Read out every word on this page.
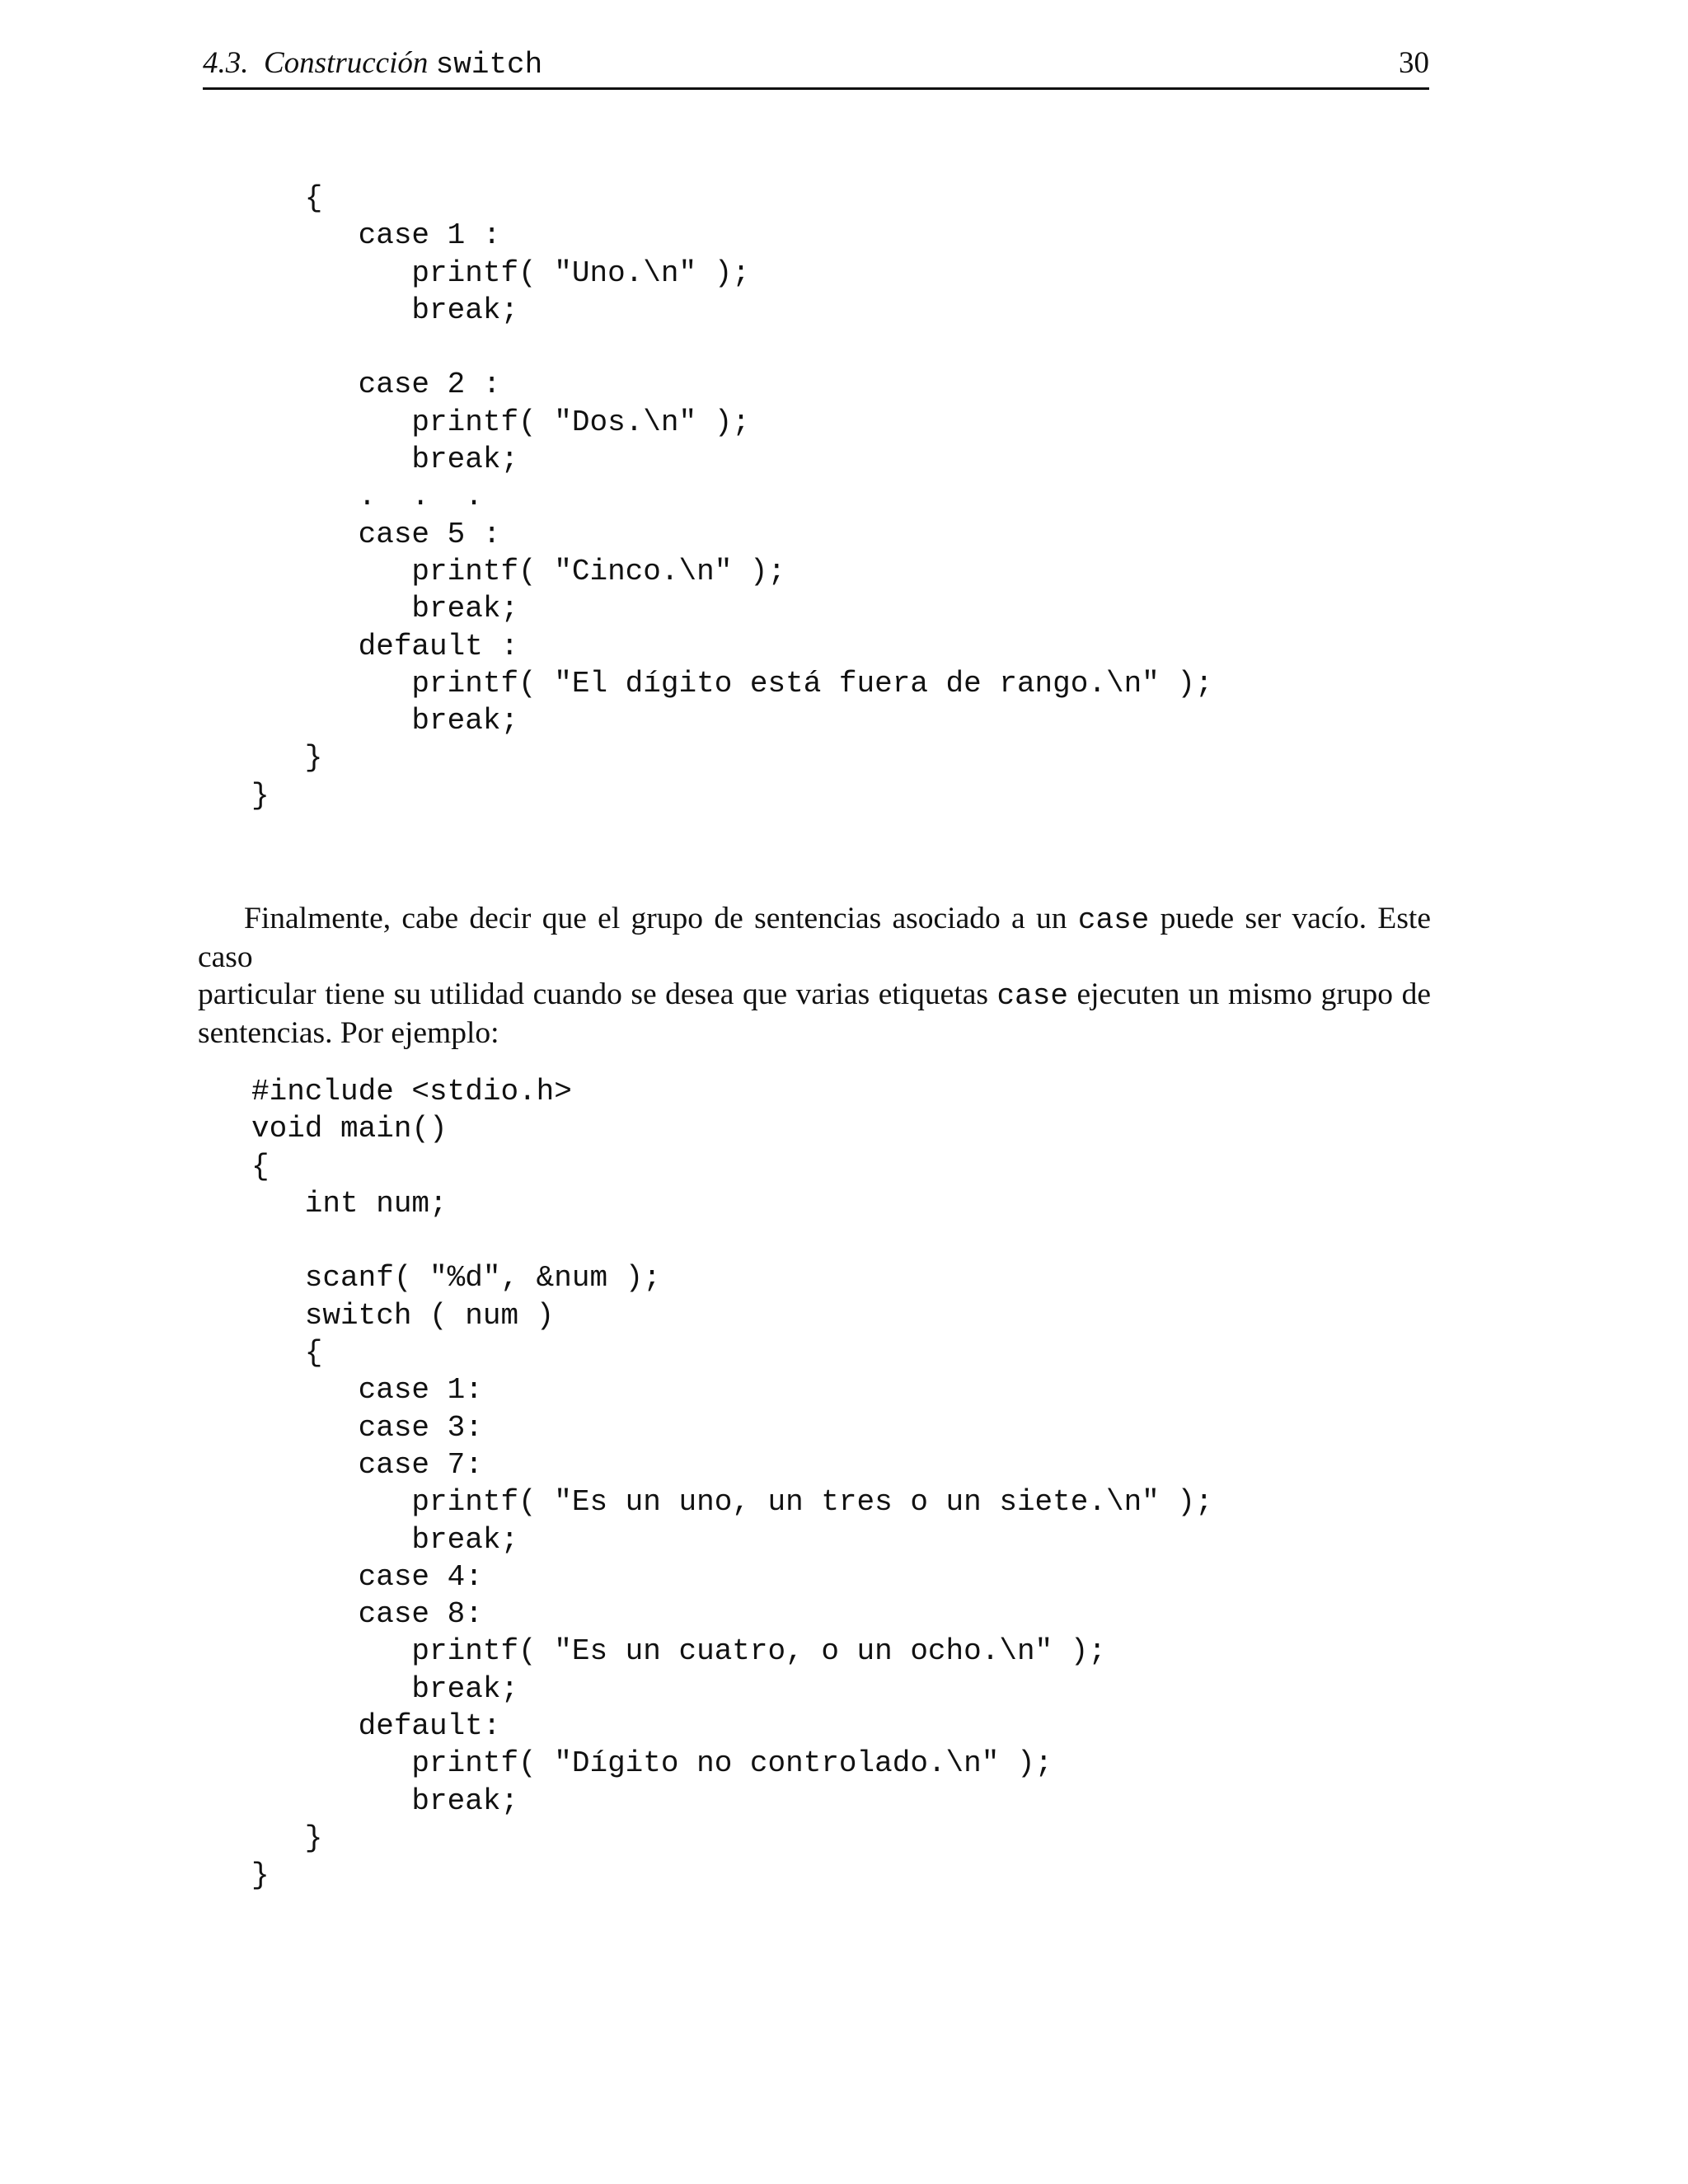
4.3. Construcción switch	30
{
case 1 :
printf( "Uno.\n" );
break;
case 2 :
printf( "Dos.\n" );
break;
.  .  .
case 5 :
printf( "Cinco.\n" );
break;
default :
printf( "El dígito está fuera de rango.\n" );
break;
}
}
Finalmente, cabe decir que el grupo de sentencias asociado a un case puede ser vacío. Este caso
particular tiene su utilidad cuando se desea que varias etiquetas case ejecuten un mismo grupo de
sentencias. Por ejemplo:
#include <stdio.h>
void main()
{
int num;
scanf( "%d", &num );
switch ( num )
{
case 1:
case 3:
case 7:
printf( "Es un uno, un tres o un siete.\n" );
break;
case 4:
case 8:
printf( "Es un cuatro, o un ocho.\n" );
break;
default:
printf( "Dígito no controlado.\n" );
break;
}
}
